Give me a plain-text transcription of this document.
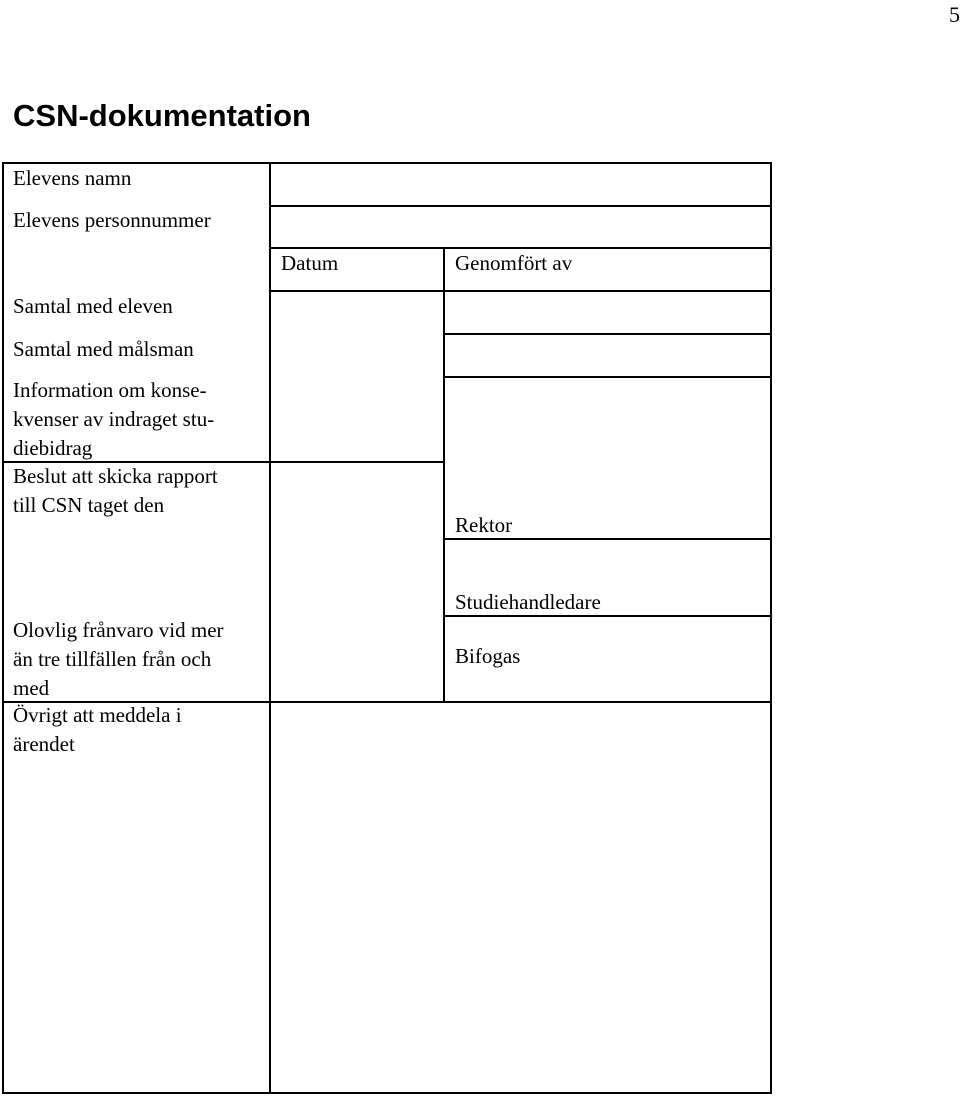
5
CSN-dokumentation
Elevens namn
Elevens personnummer
Datum	Genomfört av
Samtal med eleven
Samtal med målsman
Information om konse-
kvenser av indraget stu-
diebidrag
Beslut att skicka rapport
till CSN taget den
Rektor
Studiehandledare
Olovlig frånvaro vid mer
än tre tillfällen från och
med
Bifogas
Övrigt att meddela i
ärendet
